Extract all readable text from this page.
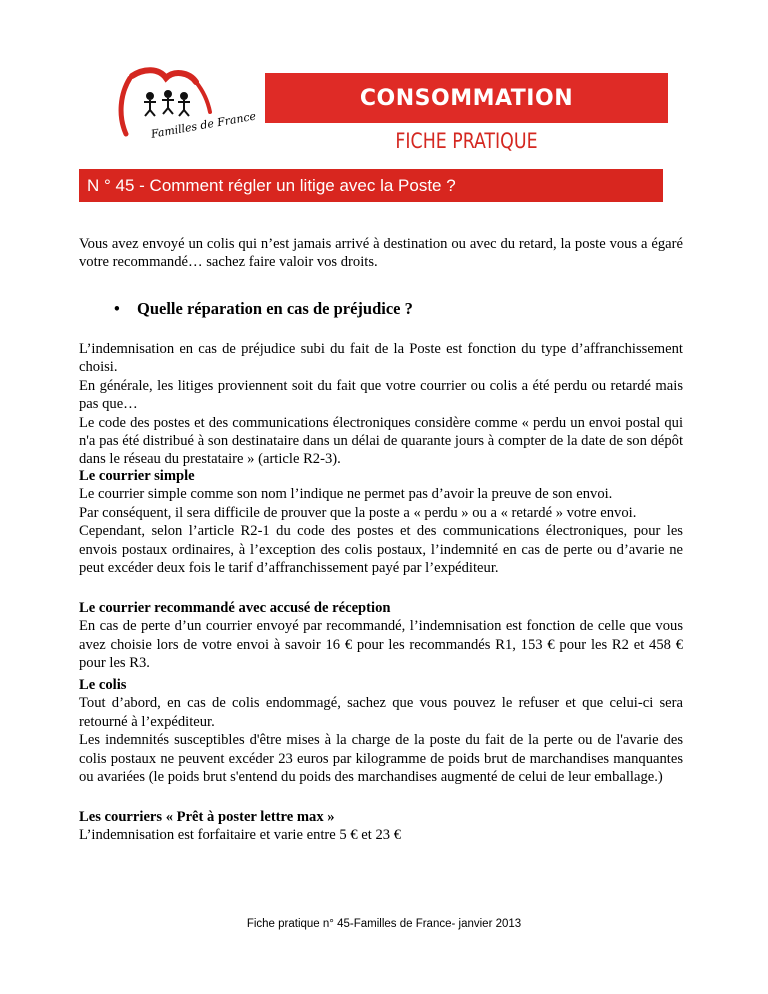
Familles de France
CONSOMMATION
FICHE PRATIQUE
N ° 45 - Comment régler un litige avec la Poste ?

Vous avez envoyé un colis qui n’est jamais arrivé à destination ou avec du retard, la poste vous a égaré votre recommandé… sachez faire valoir vos droits.

• Quelle réparation en cas de préjudice ?

L’indemnisation en cas de préjudice subi du fait de la Poste est fonction du type d’affranchissement choisi.

En générale, les litiges proviennent soit du fait que votre courrier ou colis a été perdu ou retardé mais pas que…

Le code des postes et des communications électroniques considère comme « perdu un envoi postal qui n'a pas été distribué à son destinataire dans un délai de quarante jours à compter de la date de son dépôt dans le réseau du prestataire » (article R2-3).

Le courrier simple

Le courrier simple comme son nom l’indique ne permet pas d’avoir la preuve de son envoi.

Par conséquent, il sera difficile de prouver que la poste a « perdu » ou a « retardé » votre envoi.

Cependant, selon l’article R2-1 du code des postes et des communications électroniques, pour les envois postaux ordinaires, à l’exception des colis postaux, l’indemnité en cas de perte ou d’avarie ne peut excéder deux fois le tarif d’affranchissement payé par l’expéditeur.

Le courrier recommandé avec accusé de réception

En cas de perte d’un courrier envoyé par recommandé, l’indemnisation est fonction de celle que vous avez choisie lors de votre envoi à savoir 16 € pour les recommandés R1, 153 € pour les R2 et 458 € pour les R3.

Le colis

Tout d’abord, en cas de colis endommagé, sachez que vous pouvez le refuser et que celui-ci sera retourné à l’expéditeur.

Les indemnités susceptibles d'être mises à la charge de la poste du fait de la perte ou de l'avarie des colis postaux ne peuvent excéder 23 euros par kilogramme de poids brut de marchandises manquantes ou avariées (le poids brut s'entend du poids des marchandises augmenté de celui de leur emballage.)

Les courriers « Prêt à poster lettre max »

L’indemnisation est forfaitaire et varie entre 5 € et 23 €

Fiche pratique n° 45-Familles de France- janvier 2013
